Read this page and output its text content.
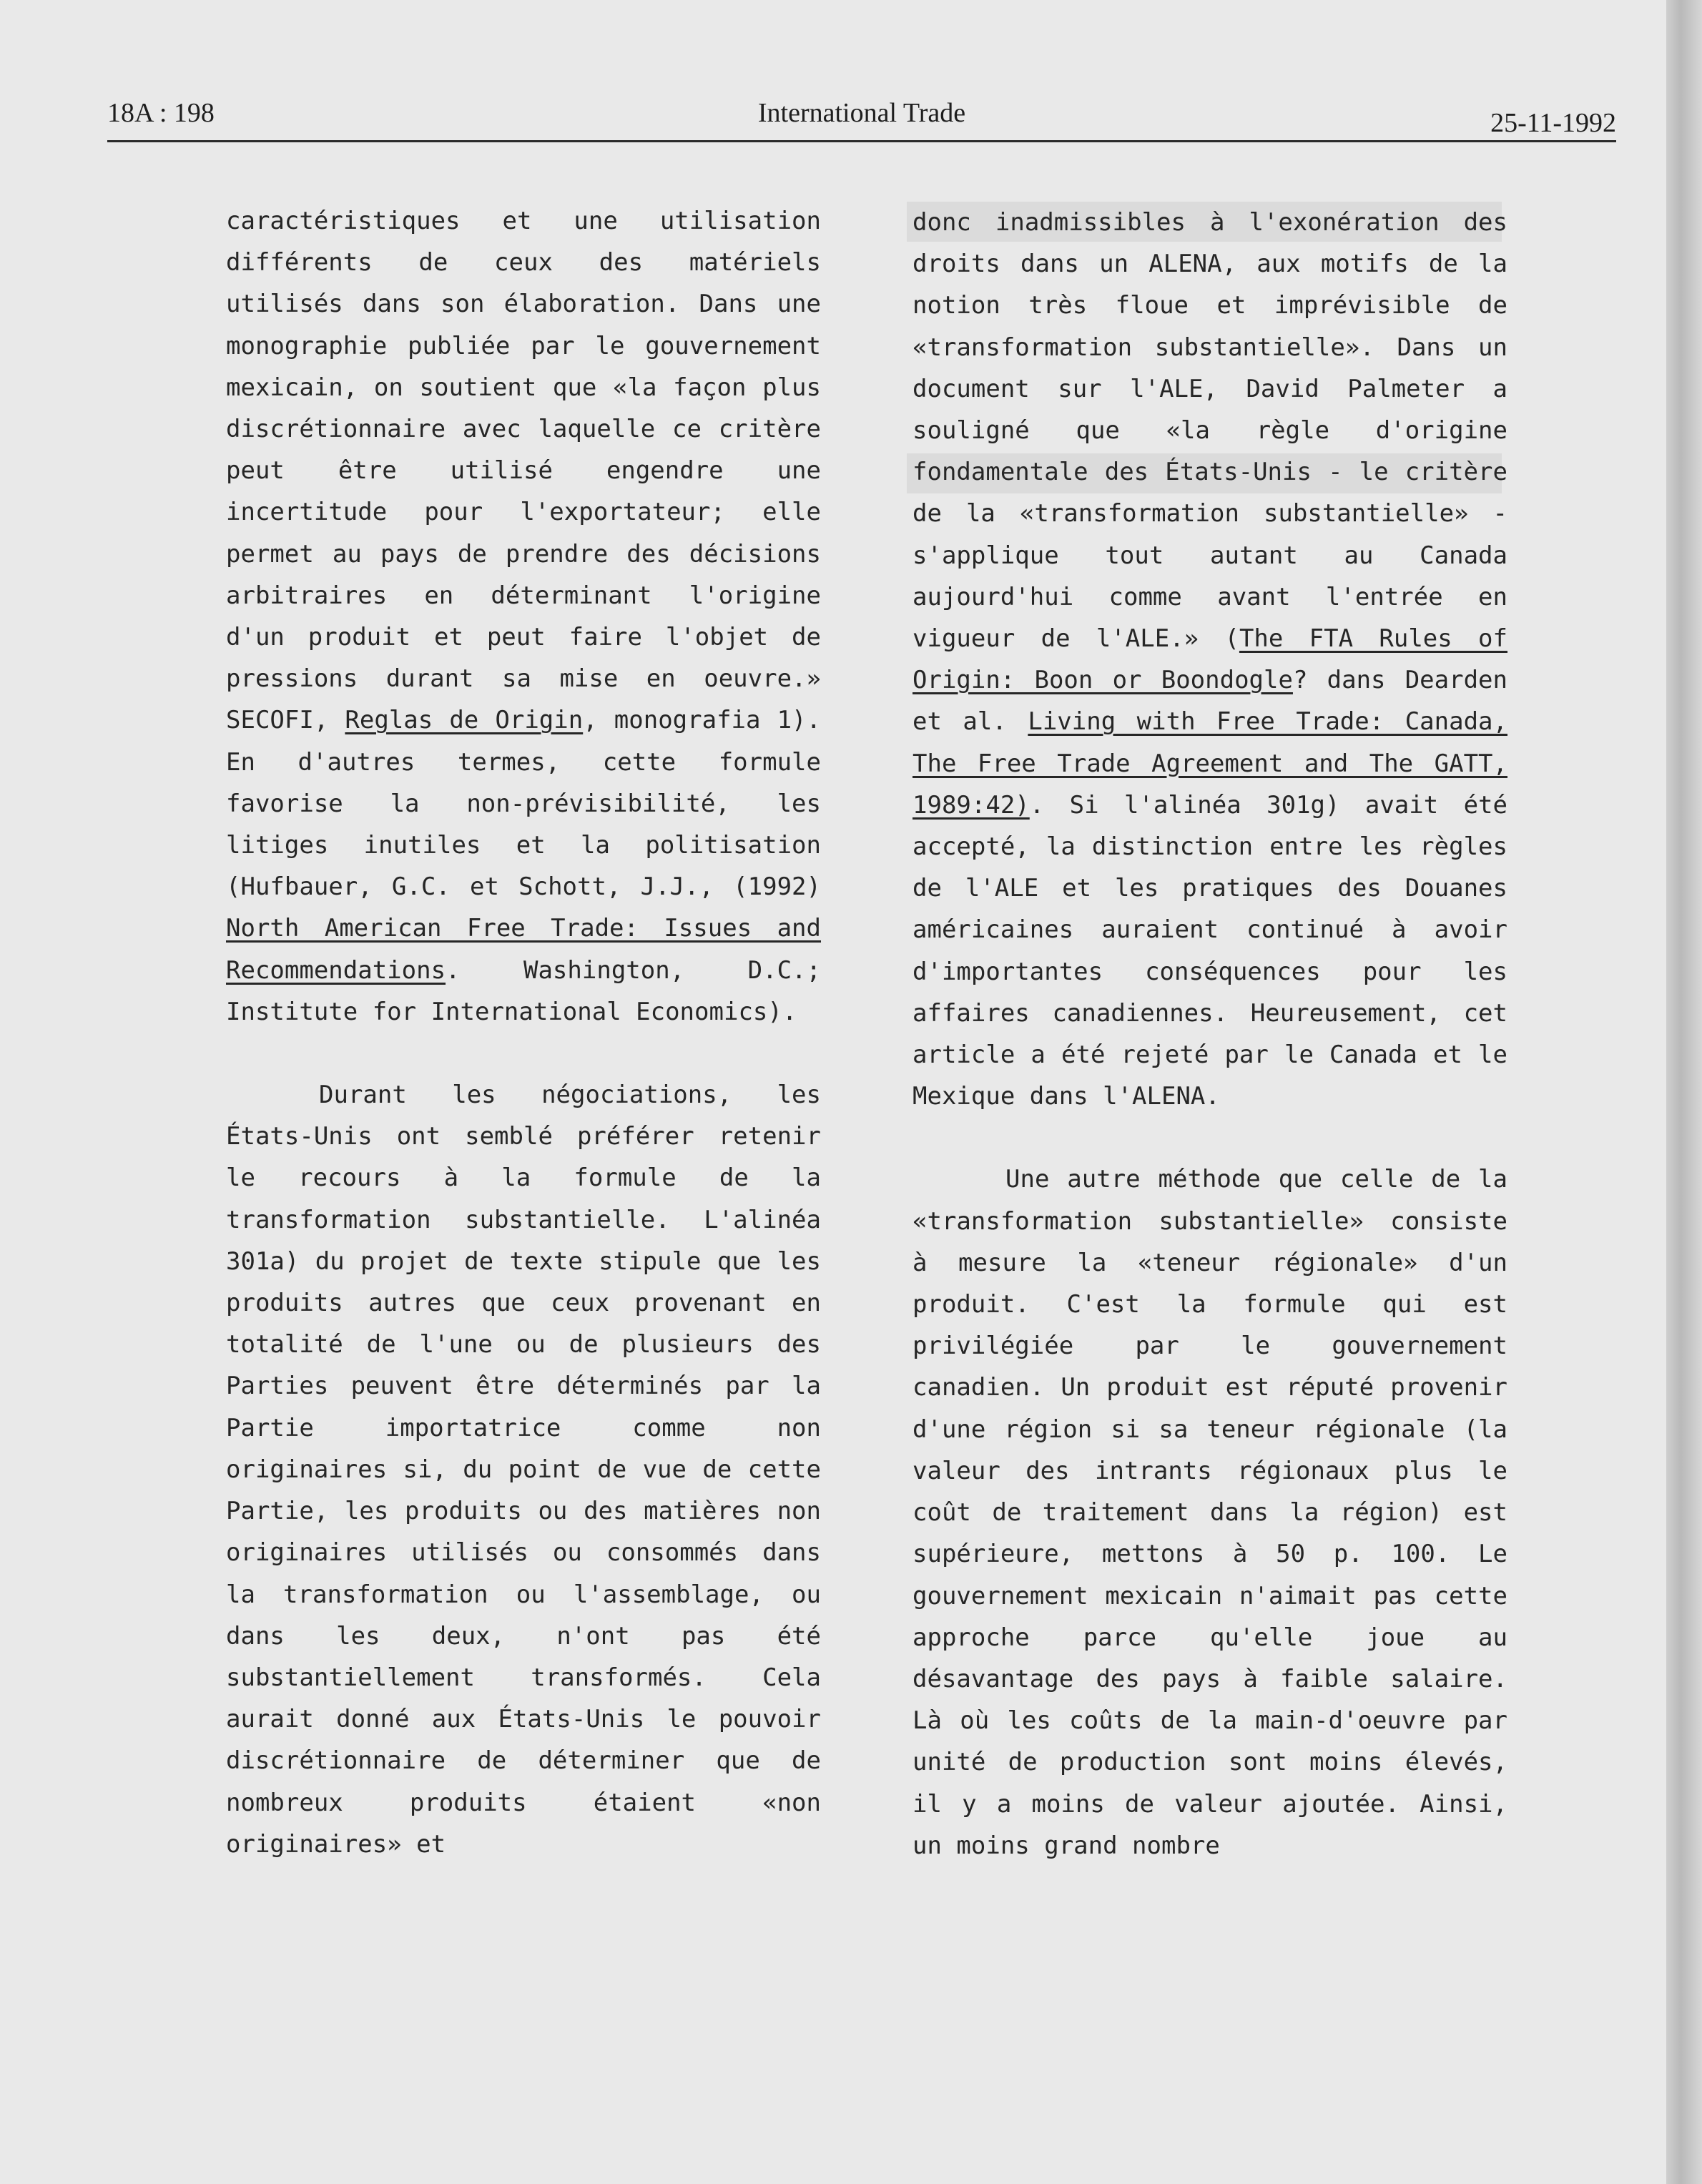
18A : 198	International Trade	25-11-1992

caractéristiques et une utilisation différents de ceux des matériels utilisés dans son élaboration. Dans une monographie publiée par le gouvernement mexicain, on soutient que «la façon plus discrétionnaire avec laquelle ce critère peut être utilisé engendre une incertitude pour l'exportateur; elle permet au pays de prendre des décisions arbitraires en déterminant l'origine d'un produit et peut faire l'objet de pressions durant sa mise en oeuvre.» SECOFI, Reglas de Origin, monografia 1). En d'autres termes, cette formule favorise la non-prévisibilité, les litiges inutiles et la politisation (Hufbauer, G.C. et Schott, J.J., (1992) North American Free Trade: Issues and Recommendations. Washington, D.C.; Institute for International Economics).

Durant les négociations, les États-Unis ont semblé préférer retenir le recours à la formule de la transformation substantielle. L'alinéa 301a) du projet de texte stipule que les produits autres que ceux provenant en totalité de l'une ou de plusieurs des Parties peuvent être déterminés par la Partie importatrice comme non originaires si, du point de vue de cette Partie, les produits ou des matières non originaires utilisés ou consommés dans la transformation ou l'assemblage, ou dans les deux, n'ont pas été substantiellement transformés. Cela aurait donné aux États-Unis le pouvoir discrétionnaire de déterminer que de nombreux produits étaient «non originaires» et

donc inadmissibles à l'exonération des droits dans un ALENA, aux motifs de la notion très floue et imprévisible de «transformation substantielle». Dans un document sur l'ALE, David Palmeter a souligné que «la règle d'origine fondamentale des États-Unis - le critère de la «transformation substantielle» - s'applique tout autant au Canada aujourd'hui comme avant l'entrée en vigueur de l'ALE.» (The FTA Rules of Origin: Boon or Boondogle? dans Dearden et al. Living with Free Trade: Canada, The Free Trade Agreement and The GATT, 1989:42). Si l'alinéa 301g) avait été accepté, la distinction entre les règles de l'ALE et les pratiques des Douanes américaines auraient continué à avoir d'importantes conséquences pour les affaires canadiennes. Heureusement, cet article a été rejeté par le Canada et le Mexique dans l'ALENA.

Une autre méthode que celle de la «transformation substantielle» consiste à mesure la «teneur régionale» d'un produit. C'est la formule qui est privilégiée par le gouvernement canadien. Un produit est réputé provenir d'une région si sa teneur régionale (la valeur des intrants régionaux plus le coût de traitement dans la région) est supérieure, mettons à 50 p. 100. Le gouvernement mexicain n'aimait pas cette approche parce qu'elle joue au désavantage des pays à faible salaire. Là où les coûts de la main-d'oeuvre par unité de production sont moins élevés, il y a moins de valeur ajoutée. Ainsi, un moins grand nombre
